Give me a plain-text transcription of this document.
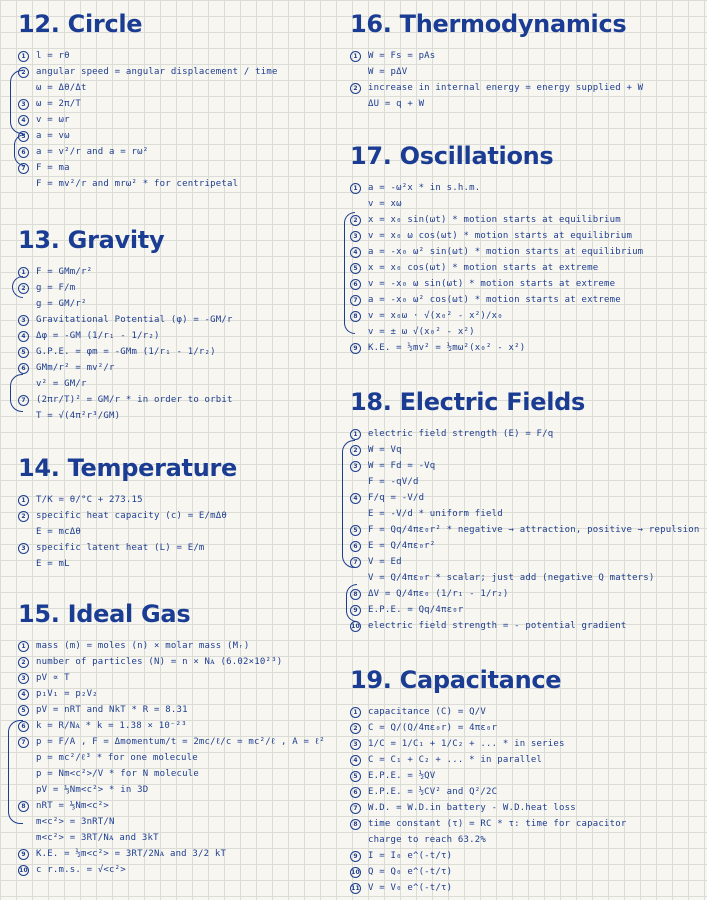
12. Circle
1	l = rθ
2	angular speed = angular displacement / time
ω = Δθ/Δt
3	ω = 2π/T
4	v = ωr
5	a = vω
6	a = v²/r and a = rω²
7	F = ma
F = mv²/r and mrω² * for centripetal
13. Gravity
1	F = GMm/r²
2	g = F/m
g = GM/r²
3	Gravitational Potential (φ) = -GM/r
4	Δφ = -GM (1/r₁ - 1/r₂)
5	G.P.E. = φm = -GMm (1/r₁ - 1/r₂)
6	GMm/r² = mv²/r
v² = GM/r
7	(2πr/T)² = GM/r * in order to orbit
T = √(4π²r³/GM)
14. Temperature
1	T/K = θ/°C + 273.15
2	specific heat capacity (c) = E/mΔθ
E = mcΔθ
3	specific latent heat (L) = E/m
E = mL
15. Ideal Gas
1	mass (m) = moles (n) × molar mass (Mᵣ)
2	number of particles (N) = n × Nᴀ (6.02×10²³)
3	pV ∝ T
4	p₁V₁ = p₂V₂
5	pV = nRT and NkT * R = 8.31
6	k = R/Nᴀ * k = 1.38 × 10⁻²³
7	p = F/A , F = Δmomentum/t = 2mc/ℓ/c = mc²/ℓ , A = ℓ²
p = mc²/ℓ³ * for one molecule
p = Nm<c²>/V * for N molecule
pV = ⅓Nm<c²> * in 3D
8	nRT = ⅓Nm<c²>
m<c²> = 3nRT/N
m<c²> = 3RT/Nᴀ and 3kT
9	K.E. = ½m<c²> = 3RT/2Nᴀ and 3/2 kT
10 c r.m.s. = √<c²>
16. Thermodynamics
1	W = Fs = pAs
W = pΔV
2	increase in internal energy = energy supplied + W
ΔU = q + W
17. Oscillations
1	a = -ω²x * in s.h.m.
v = xω
2	x = x₀ sin(ωt) * motion starts at equilibrium
3	v = x₀ ω cos(ωt) * motion starts at equilibrium
4	a = -x₀ ω² sin(ωt) * motion starts at equilibrium
5	x = x₀ cos(ωt) * motion starts at extreme
6	v = -x₀ ω sin(ωt) * motion starts at extreme
7	a = -x₀ ω² cos(ωt) * motion starts at extreme
8	v = x₀ω · √(x₀² - x²)/x₀
v = ± ω √(x₀² - x²)
9	K.E. = ½mv² = ½mω²(x₀² - x²)
18. Electric Fields
1	electric field strength (E) = F/q
2	W = Vq
3	W = Fd = -Vq
F = -qV/d
4	F/q = -V/d
E = -V/d * uniform field
5	F = Qq/4πε₀r² * negative → attraction, positive → repulsion
6	E = Q/4πε₀r²
7	V = Ed
V = Q/4πε₀r * scalar; just add (negative Q matters)
8	ΔV = Q/4πε₀ (1/r₁ - 1/r₂)
9	E.P.E. = Qq/4πε₀r
10 electric field strength = - potential gradient
19. Capacitance
1	capacitance (C) = Q/V
2	C = Q/(Q/4πε₀r) = 4πε₀r
3	1/C = 1/C₁ + 1/C₂ + ... * in series
4	C = C₁ + C₂ + ... * in parallel
5	E.P.E. = ½QV
6	E.P.E. = ½CV² and Q²/2C
7	W.D. = W.D.in battery - W.D.heat loss
8	time constant (τ) = RC * τ: time for capacitor
charge to reach 63.2%
9	I = I₀ e^(-t/τ)
10 Q = Q₀ e^(-t/τ)
11 V = V₀ e^(-t/τ)
